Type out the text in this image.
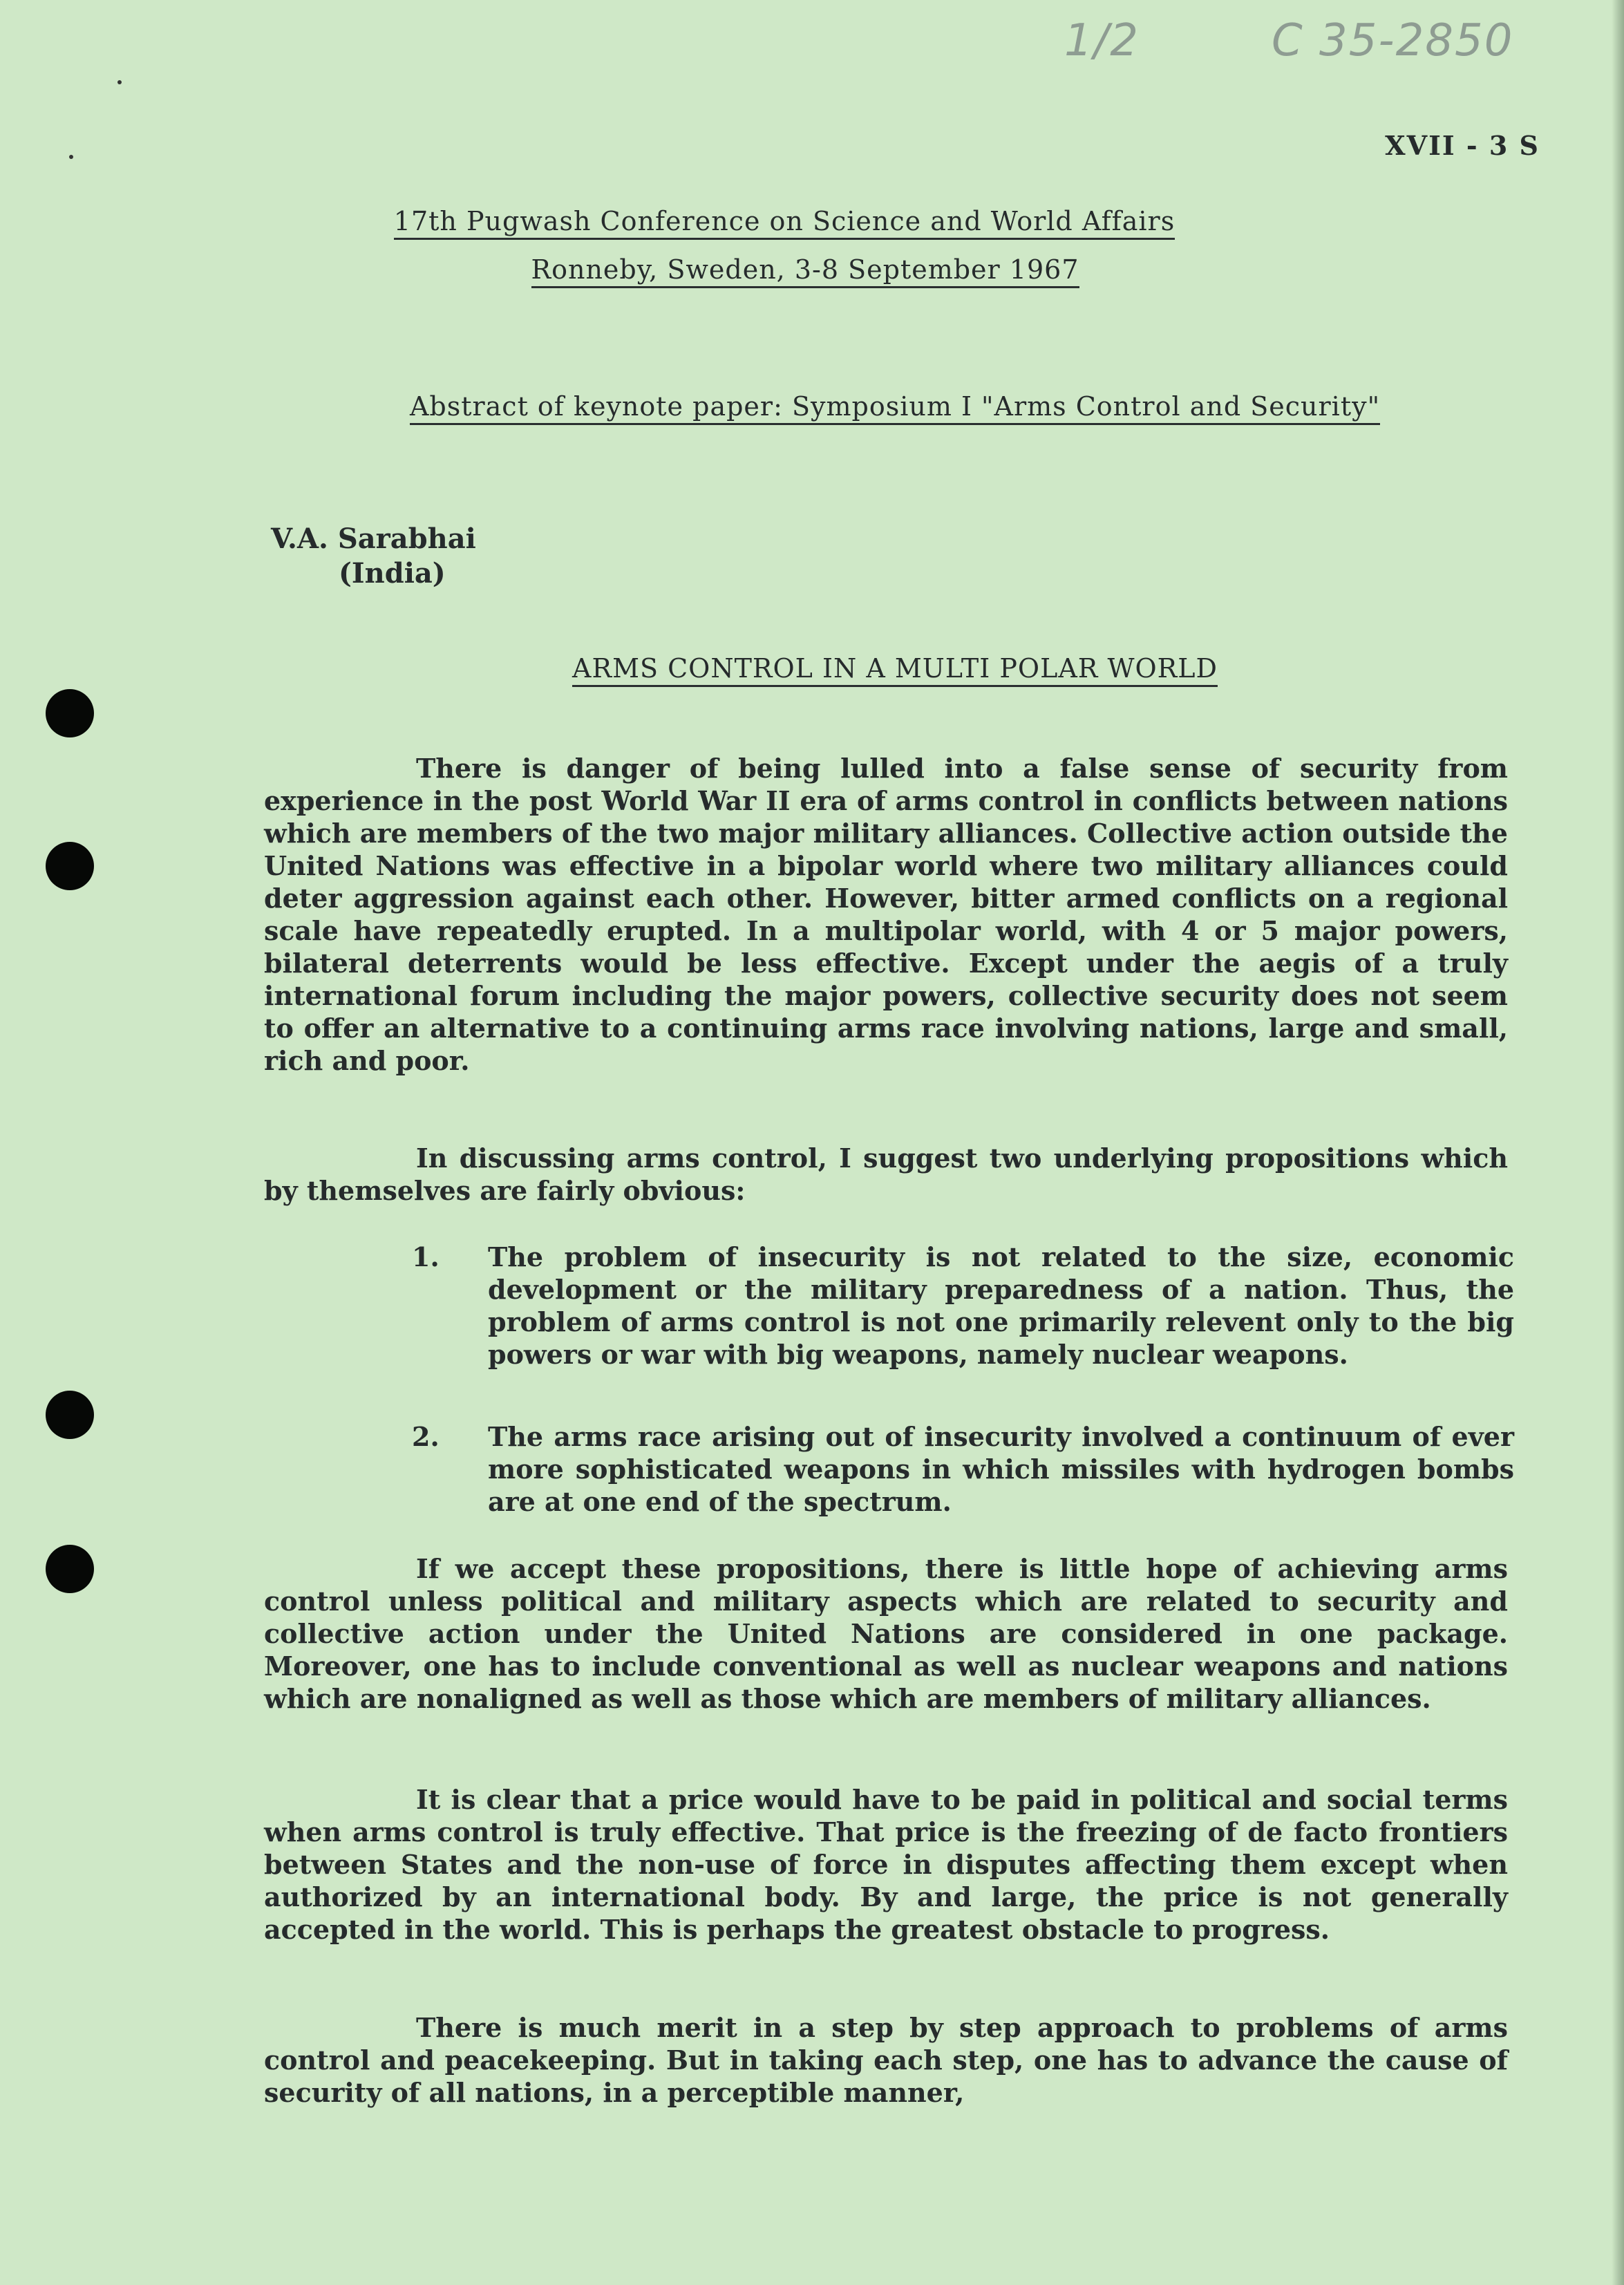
1/2	C 35-2850
XVII - 3 S
17th Pugwash Conference on Science and World Affairs
Ronneby, Sweden, 3-8 September 1967
Abstract of keynote paper: Symposium I "Arms Control and Security"
V.A. Sarabhai
(India)
ARMS CONTROL IN A MULTI POLAR WORLD

There is danger of being lulled into a false sense of security from experience in the post World War II era of arms control in conflicts between nations which are members of the two major military alliances. Collective action outside the United Nations was effective in a bipolar world where two military alliances could deter aggression against each other. However, bitter armed conflicts on a regional scale have repeatedly erupted. In a multipolar world, with 4 or 5 major powers, bilateral deterrents would be less effective. Except under the aegis of a truly international forum including the major powers, collective security does not seem to offer an alternative to a continuing arms race involving nations, large and small, rich and poor.

In discussing arms control, I suggest two underlying propositions which by themselves are fairly obvious:

1. The problem of insecurity is not related to the size, economic development or the military preparedness of a nation. Thus, the problem of arms control is not one primarily relevent only to the big powers or war with big weapons, namely nuclear weapons.
2. The arms race arising out of insecurity involved a continuum of ever more sophisticated weapons in which missiles with hydrogen bombs are at one end of the spectrum.

If we accept these propositions, there is little hope of achieving arms control unless political and military aspects which are related to security and collective action under the United Nations are considered in one package. Moreover, one has to include conventional as well as nuclear weapons and nations which are nonaligned as well as those which are members of military alliances.

It is clear that a price would have to be paid in political and social terms when arms control is truly effective. That price is the freezing of de facto frontiers between States and the non-use of force in disputes affecting them except when authorized by an international body. By and large, the price is not generally accepted in the world. This is perhaps the greatest obstacle to progress.

There is much merit in a step by step approach to problems of arms control and peacekeeping. But in taking each step, one has to advance the cause of security of all nations, in a perceptible manner,
